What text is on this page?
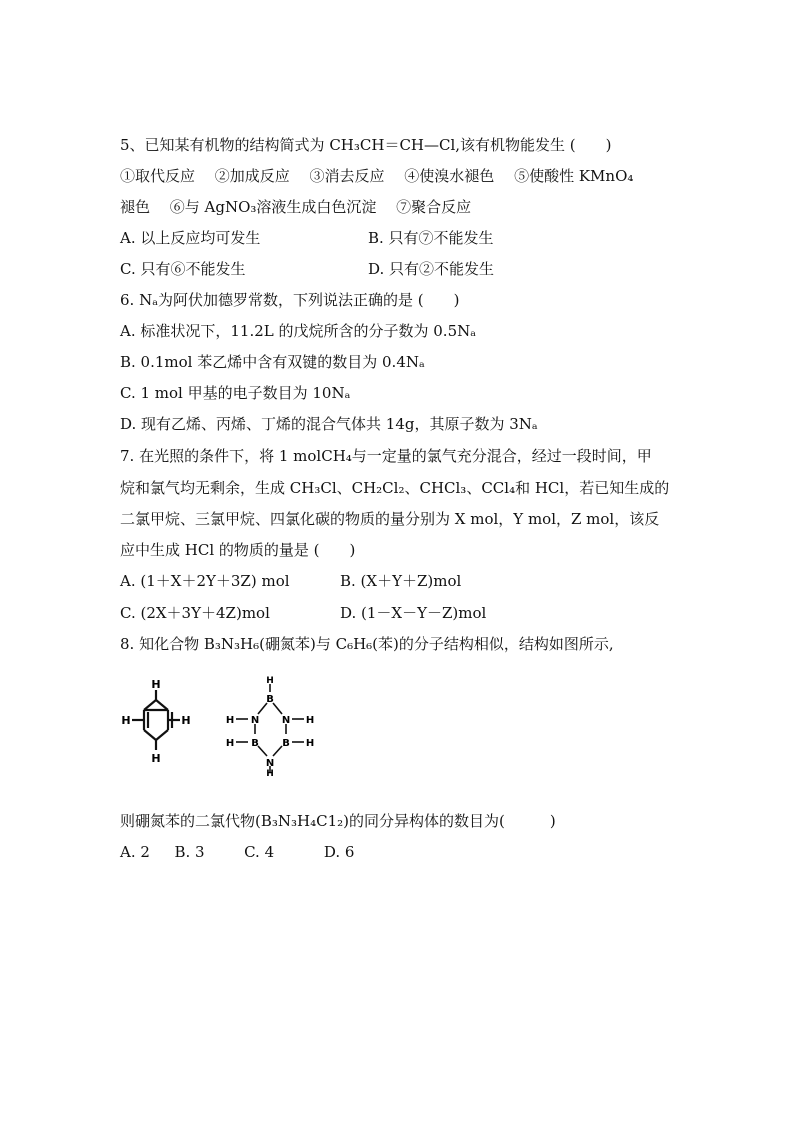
5、已知某有机物的结构简式为 CH₃CH＝CH—Cl,该有机物能发生 (　　)
①取代反应 　②加成反应 　③消去反应 　④使溴水褪色 　⑤使酸性 KMnO₄
褪色 　⑥与 AgNO₃溶液生成白色沉淀 　⑦聚合反应
A. 以上反应均可发生	B. 只有⑦不能发生
C. 只有⑥不能发生	D. 只有②不能发生
6. Nₐ为阿伏加德罗常数，下列说法正确的是 (　　)
A. 标准状况下，11.2L 的戊烷所含的分子数为 0.5Nₐ
B. 0.1mol 苯乙烯中含有双键的数目为 0.4Nₐ
C. 1 mol 甲基的电子数目为 10Nₐ
D. 现有乙烯、丙烯、丁烯的混合气体共 14g，其原子数为 3Nₐ
7. 在光照的条件下，将 1 molCH₄与一定量的氯气充分混合，经过一段时间，甲
烷和氯气均无剩余，生成 CH₃Cl、CH₂Cl₂、CHCl₃、CCl₄和 HCl，若已知生成的
二氯甲烷、三氯甲烷、四氯化碳的物质的量分别为 X mol，Y mol，Z mol，该反
应中生成 HCl 的物质的量是 (　　)
A. (1＋X＋2Y＋3Z) mol	B. (X＋Y＋Z)mol
C. (2X＋3Y＋4Z)mol	D. (1－X－Y－Z)mol
8. 知化合物 B₃N₃H₆(硼氮苯)与 C₆H₆(苯)的分子结构相似，结构如图所示,
H
H	H
H
H
B
N N
H	H
B B
H	H
N
H
则硼氮苯的二氯代物(B₃N₃H₄C1₂)的同分异构体的数目为(　　　)
A. 2 　 B. 3 　　 C. 4 　　　D. 6
